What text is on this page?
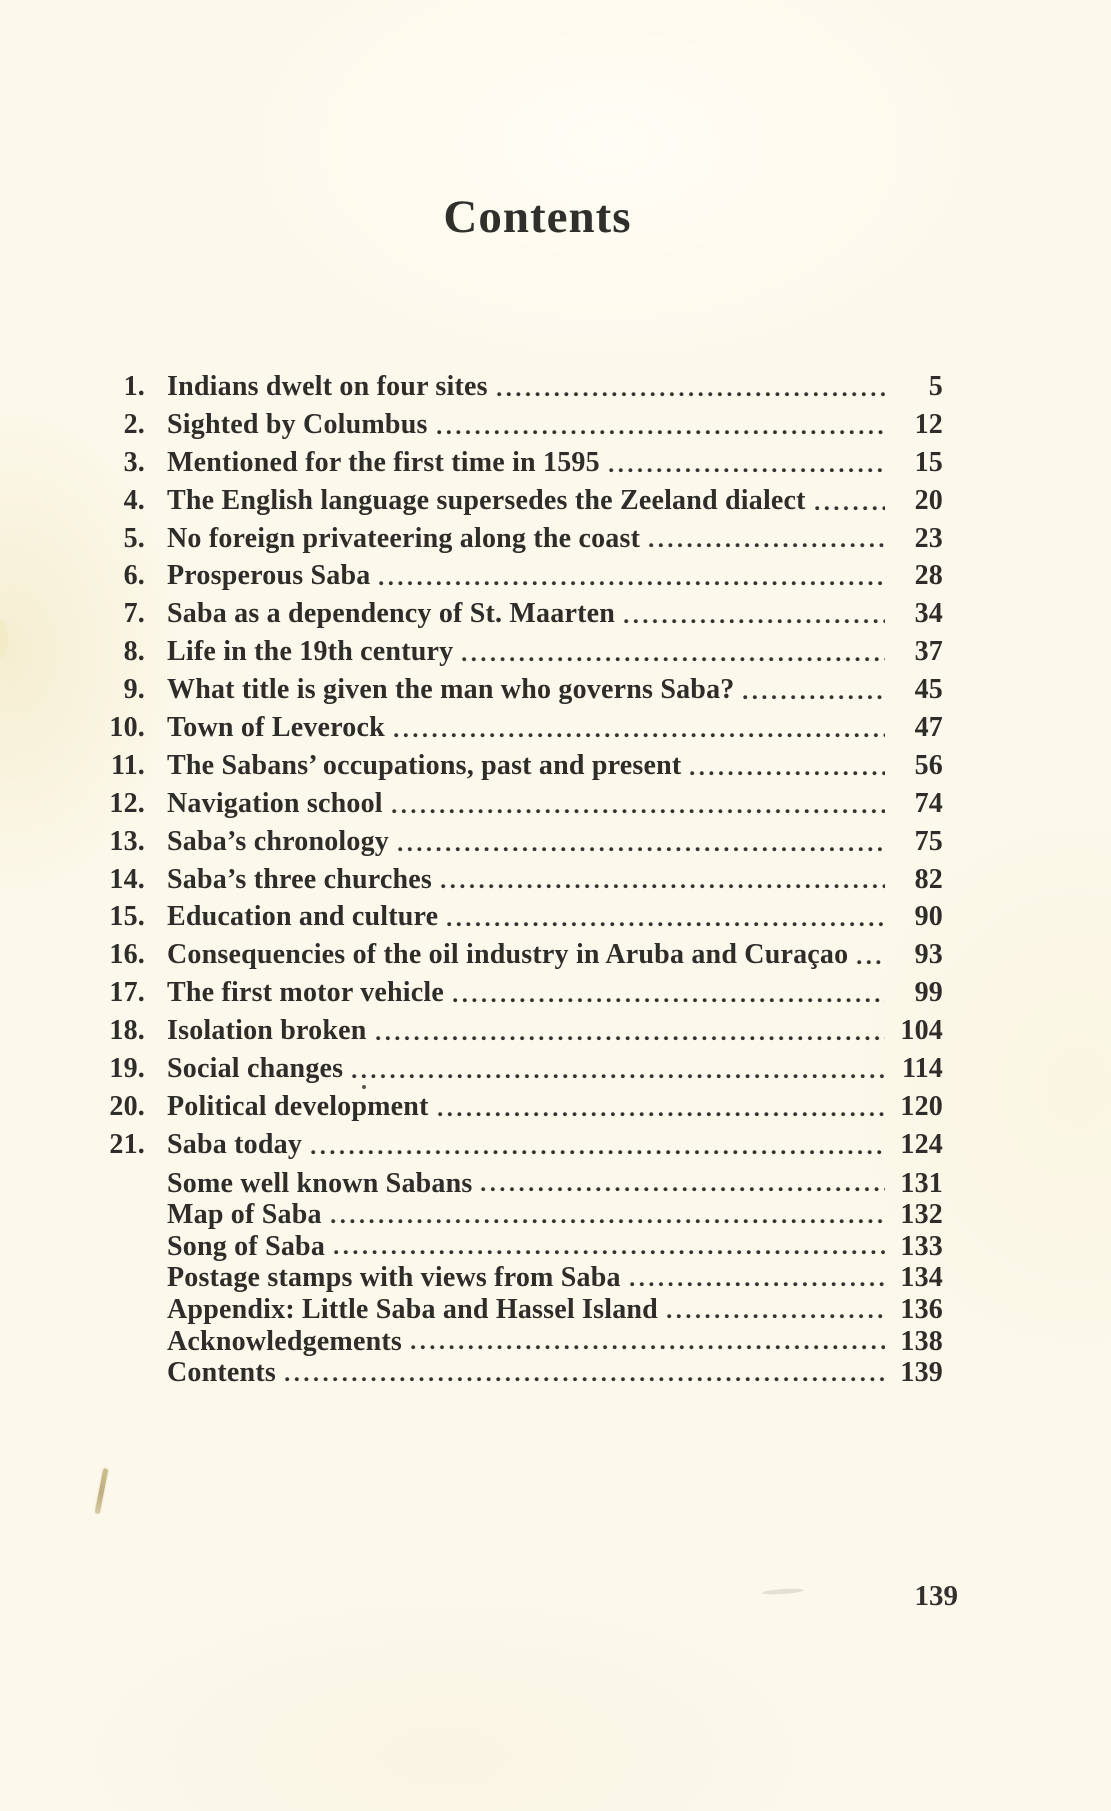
Contents
1. Indians dwelt on four sites	5
2. Sighted by Columbus	12
3. Mentioned for the first time in 1595	15
4. The English language supersedes the Zeeland dialect	20
5. No foreign privateering along the coast	23
6. Prosperous Saba	28
7. Saba as a dependency of St. Maarten	34
8. Life in the 19th century	37
9. What title is given the man who governs Saba?	45
10. Town of Leverock	47
11. The Sabans’ occupations, past and present	56
12. Navigation school	74
13. Saba’s chronology	75
14. Saba’s three churches	82
15. Education and culture	90
16. Consequencies of the oil industry in Aruba and Curaçao	93
17. The first motor vehicle	99
18. Isolation broken	104
19. Social changes	114
20. Political development	120
21. Saba today	124
Some well known Sabans	131
Map of Saba	132
Song of Saba	133
Postage stamps with views from Saba	134
Appendix: Little Saba and Hassel Island	136
Acknowledgements	138
Contents	139
139
